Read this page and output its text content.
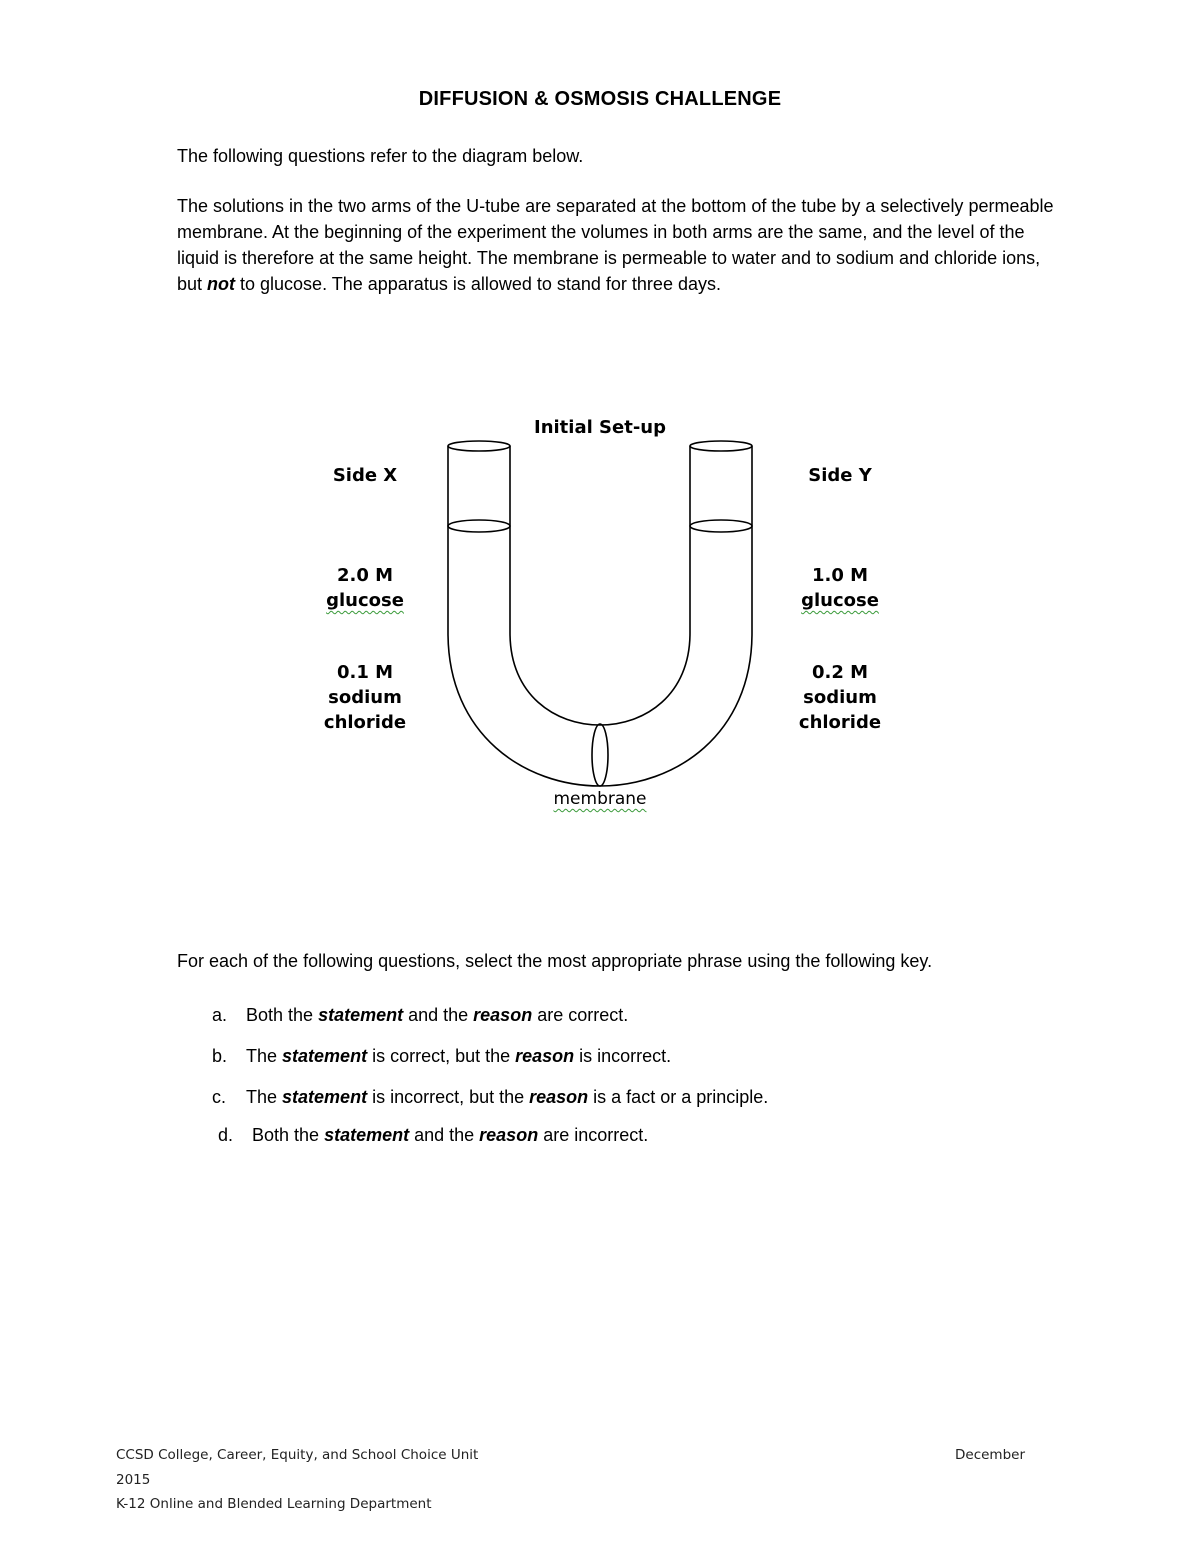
DIFFUSION & OSMOSIS CHALLENGE
The following questions refer to the diagram below.
The solutions in the two arms of the U-tube are separated at the bottom of the tube by a selectively permeable membrane. At the beginning of the experiment the volumes in both arms are the same, and the level of the liquid is therefore at the same height. The membrane is permeable to water and to sodium and chloride ions, but not to glucose. The apparatus is allowed to stand for three days.
Initial Set-up
Side X
2.0 M
glucose
0.1 M
sodium
chloride
Side Y
1.0 M
glucose
0.2 M
sodium
chloride
membrane
For each of the following questions, select the most appropriate phrase using the following key.
a. Both the statement and the reason are correct.
b. The statement is correct, but the reason is incorrect.
c. The statement is incorrect, but the reason is a fact or a principle.
d. Both the statement and the reason are incorrect.
CCSD College, Career, Equity, and School Choice Unit	December
2015
K-12 Online and Blended Learning Department
